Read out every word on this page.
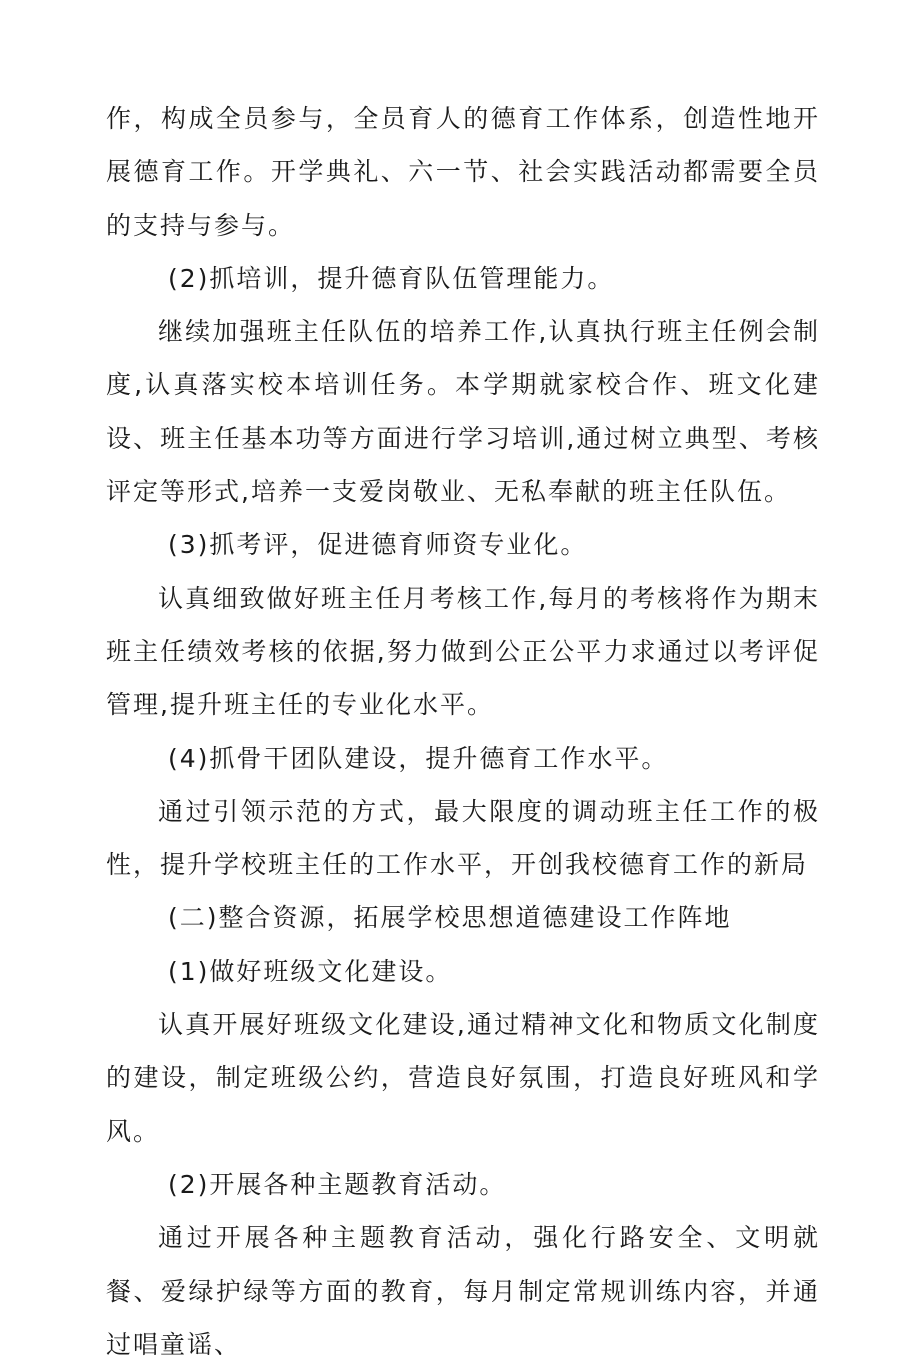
作，构成全员参与，全员育人的德育工作体系，创造性地开展德育工作。开学典礼、六一节、社会实践活动都需要全员的支持与参与。

(2)抓培训，提升德育队伍管理能力。

继续加强班主任队伍的培养工作,认真执行班主任例会制度,认真落实校本培训任务。本学期就家校合作、班文化建设、班主任基本功等方面进行学习培训,通过树立典型、考核评定等形式,培养一支爱岗敬业、无私奉献的班主任队伍。

(3)抓考评，促进德育师资专业化。

认真细致做好班主任月考核工作,每月的考核将作为期末班主任绩效考核的依据,努力做到公正公平力求通过以考评促管理,提升班主任的专业化水平。

(4)抓骨干团队建设，提升德育工作水平。

通过引领示范的方式，最大限度的调动班主任工作的极性，提升学校班主任的工作水平，开创我校德育工作的新局

(二)整合资源，拓展学校思想道德建设工作阵地

(1)做好班级文化建设。

认真开展好班级文化建设,通过精神文化和物质文化制度的建设，制定班级公约，营造良好氛围，打造良好班风和学风。

(2)开展各种主题教育活动。

通过开展各种主题教育活动，强化行路安全、文明就餐、爱绿护绿等方面的教育，每月制定常规训练内容，并通过唱童谣、
